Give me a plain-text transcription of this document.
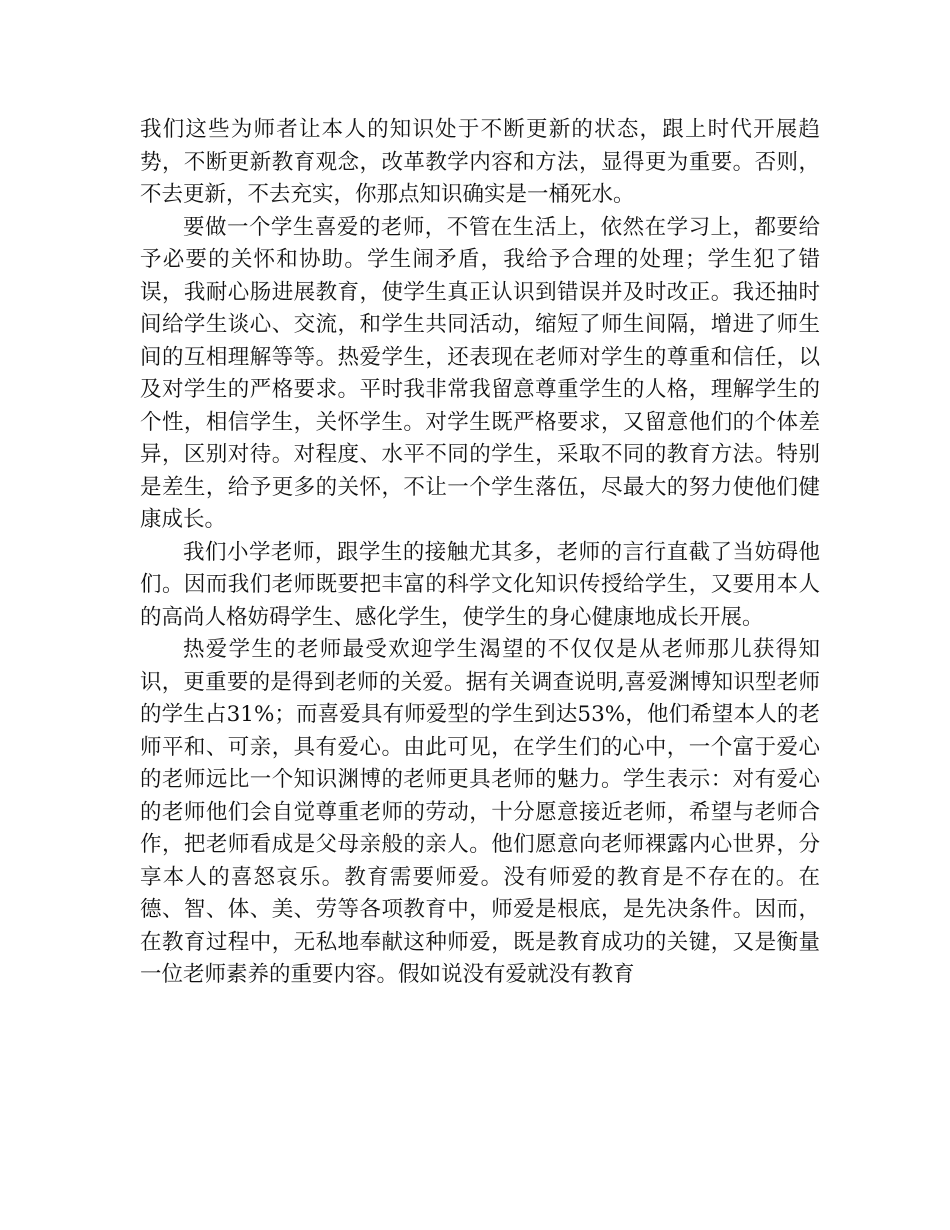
我们这些为师者让本人的知识处于不断更新的状态，跟上时代开展趋势，不断更新教育观念，改革教学内容和方法，显得更为重要。否则，不去更新，不去充实，你那点知识确实是一桶死水。

要做一个学生喜爱的老师，不管在生活上，依然在学习上，都要给予必要的关怀和协助。学生闹矛盾，我给予合理的处理；学生犯了错误，我耐心肠进展教育，使学生真正认识到错误并及时改正。我还抽时间给学生谈心、交流，和学生共同活动，缩短了师生间隔，增进了师生间的互相理解等等。热爱学生，还表现在老师对学生的尊重和信任，以及对学生的严格要求。平时我非常我留意尊重学生的人格，理解学生的个性，相信学生，关怀学生。对学生既严格要求，又留意他们的个体差异，区别对待。对程度、水平不同的学生，采取不同的教育方法。特别是差生，给予更多的关怀，不让一个学生落伍，尽最大的努力使他们健康成长。

我们小学老师，跟学生的接触尤其多，老师的言行直截了当妨碍他们。因而我们老师既要把丰富的科学文化知识传授给学生，又要用本人的高尚人格妨碍学生、感化学生，使学生的身心健康地成长开展。

热爱学生的老师最受欢迎学生渴望的不仅仅是从老师那儿获得知识，更重要的是得到老师的关爱。据有关调查说明,喜爱渊博知识型老师的学生占31%；而喜爱具有师爱型的学生到达53%，他们希望本人的老师平和、可亲，具有爱心。由此可见，在学生们的心中，一个富于爱心的老师远比一个知识渊博的老师更具老师的魅力。学生表示：对有爱心的老师他们会自觉尊重老师的劳动，十分愿意接近老师，希望与老师合作，把老师看成是父母亲般的亲人。他们愿意向老师裸露内心世界，分享本人的喜怒哀乐。教育需要师爱。没有师爱的教育是不存在的。在德、智、体、美、劳等各项教育中，师爱是根底，是先决条件。因而，在教育过程中，无私地奉献这种师爱，既是教育成功的关键，又是衡量一位老师素养的重要内容。假如说没有爱就没有教育
